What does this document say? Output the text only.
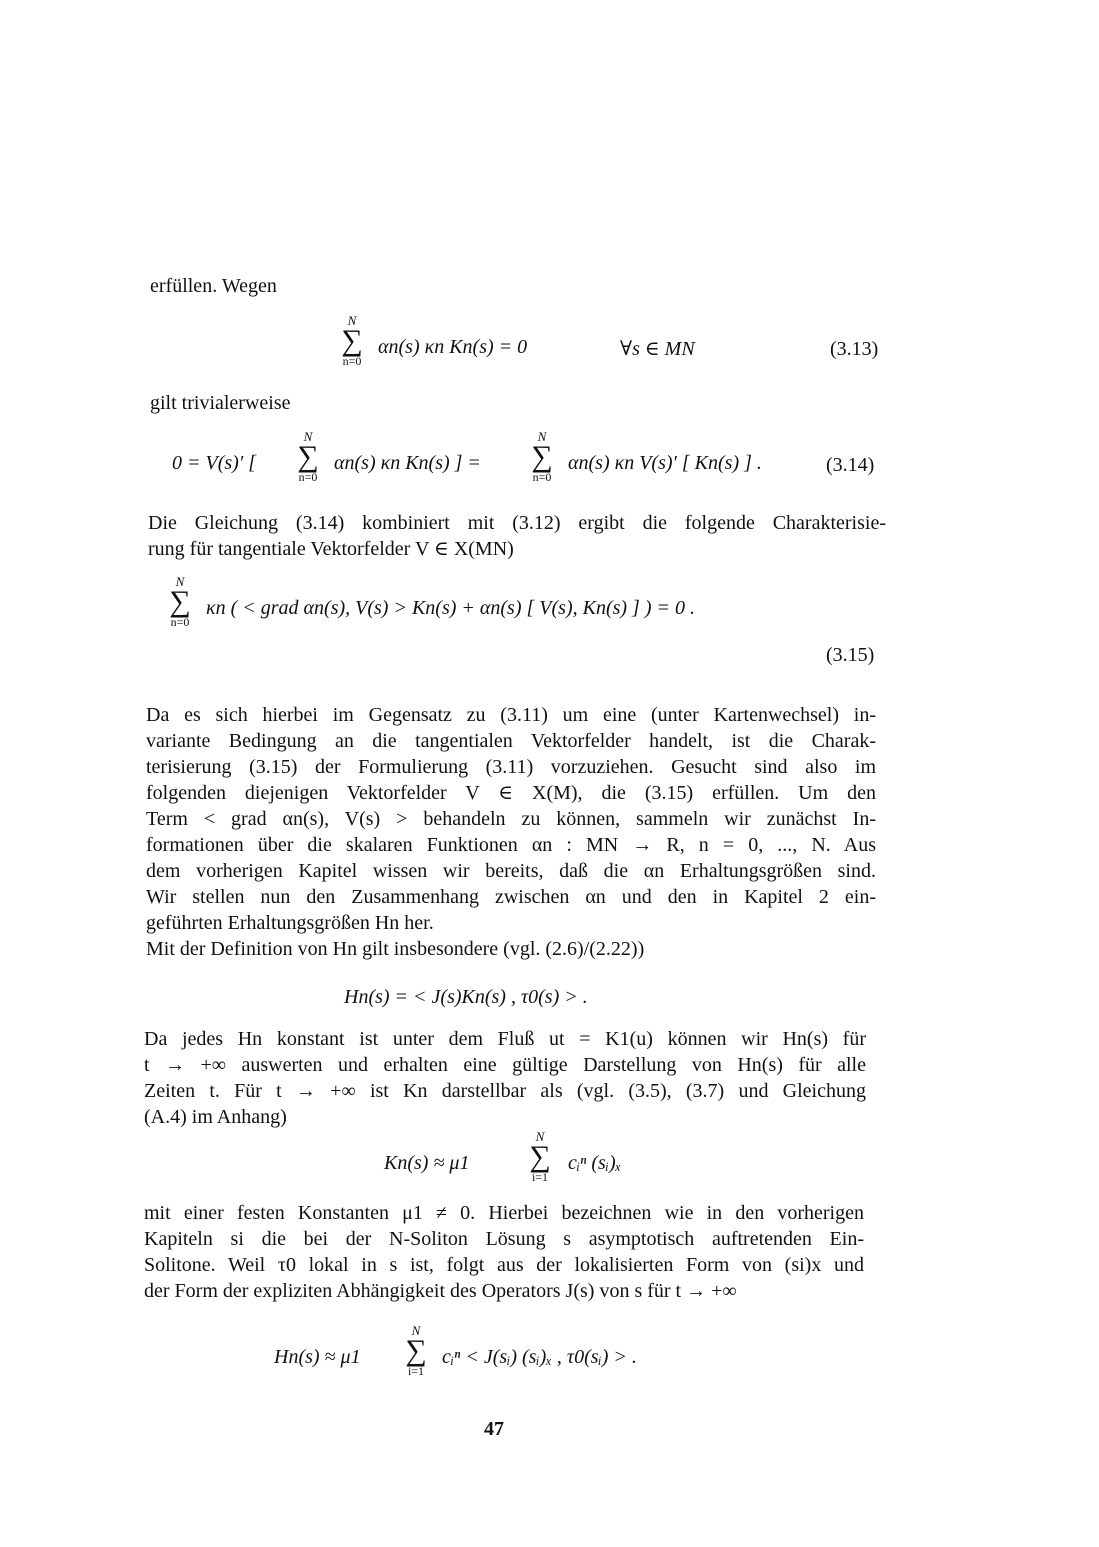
erfüllen. Wegen
N
∑
n=0
αn(s) κn Kn(s) = 0	∀s ∈ MN	(3.13)
gilt trivialerweise
0 = V(s)′ [
N
∑
n=0
αn(s) κn Kn(s) ] =
N
∑
n=0
αn(s) κn V(s)′ [ Kn(s) ] .	(3.14)
Die Gleichung (3.14) kombiniert mit (3.12) ergibt die folgende Charakterisie-
rung für tangentiale Vektorfelder V ∈ X(MN)
N
∑
n=0
κn ( < grad αn(s), V(s) > Kn(s) + αn(s) [ V(s), Kn(s) ] ) = 0 .
(3.15)
Da es sich hierbei im Gegensatz zu (3.11) um eine (unter Kartenwechsel) in-
variante Bedingung an die tangentialen Vektorfelder handelt, ist die Charak-
terisierung (3.15) der Formulierung (3.11) vorzuziehen. Gesucht sind also im
folgenden diejenigen Vektorfelder V ∈ X(M), die (3.15) erfüllen. Um den
Term < grad αn(s), V(s) > behandeln zu können, sammeln wir zunächst In-
formationen über die skalaren Funktionen αn : MN → R, n = 0, ..., N. Aus
dem vorherigen Kapitel wissen wir bereits, daß die αn Erhaltungsgrößen sind.
Wir stellen nun den Zusammenhang zwischen αn und den in Kapitel 2 ein-
geführten Erhaltungsgrößen Hn her.
Mit der Definition von Hn gilt insbesondere (vgl. (2.6)/(2.22))
Hn(s) = < J(s)Kn(s) , τ0(s) > .
Da jedes Hn konstant ist unter dem Fluß ut = K1(u) können wir Hn(s) für
t → +∞ auswerten und erhalten eine gültige Darstellung von Hn(s) für alle
Zeiten t. Für t → +∞ ist Kn darstellbar als (vgl. (3.5), (3.7) und Gleichung
(A.4) im Anhang)
Kn(s) ≈ μ1
N
∑
i=1
cᵢⁿ (sᵢ)ₓ
mit einer festen Konstanten μ1 ≠ 0. Hierbei bezeichnen wie in den vorherigen
Kapiteln si die bei der N-Soliton Lösung s asymptotisch auftretenden Ein-
Solitone. Weil τ0 lokal in s ist, folgt aus der lokalisierten Form von (si)x und
der Form der expliziten Abhängigkeit des Operators J(s) von s für t → +∞
Hn(s) ≈ μ1
N
∑
i=1
cᵢⁿ < J(sᵢ) (sᵢ)ₓ , τ0(sᵢ) > .
47
